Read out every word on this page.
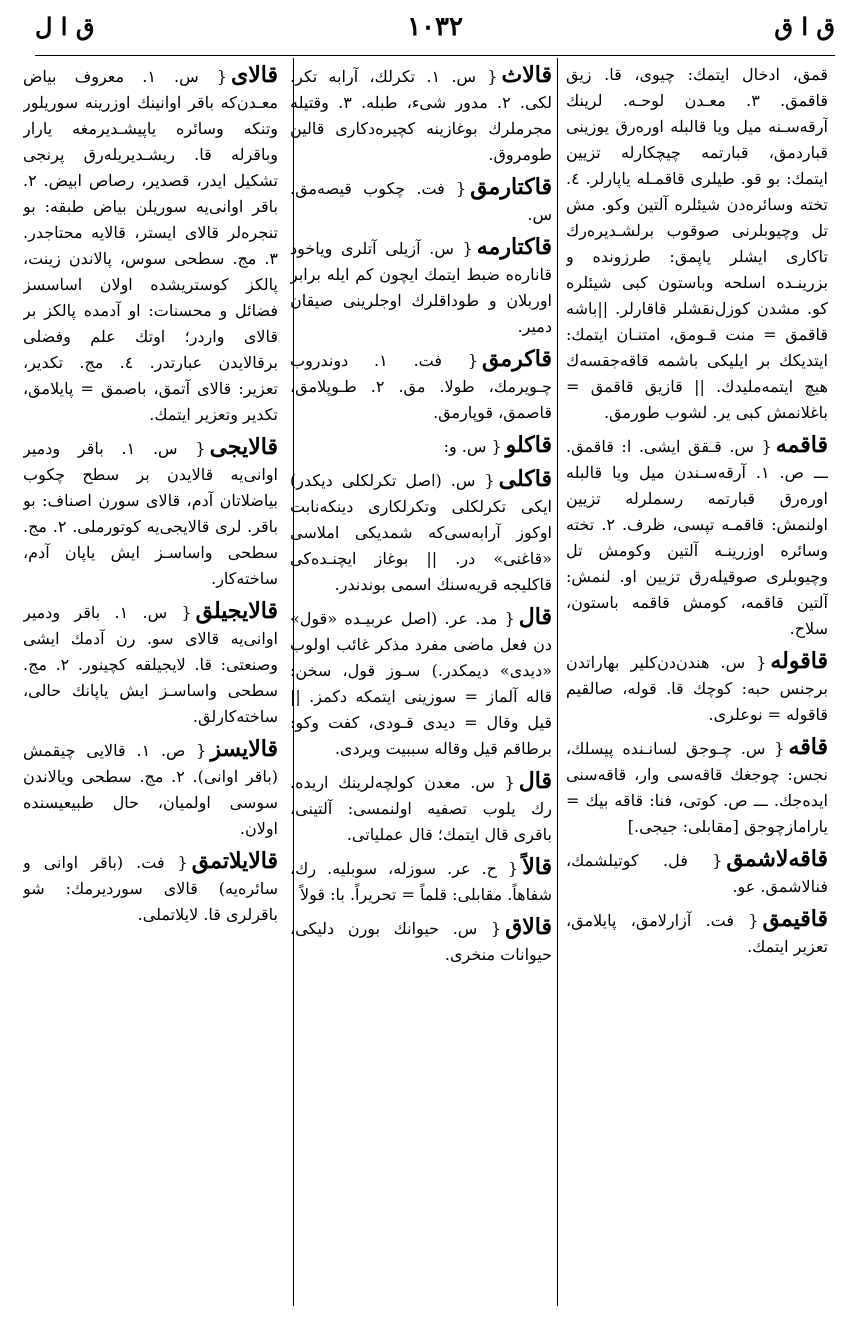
ق ا ق
١٠٣٢
ق ا ل

قمق، ادخال ایتمك: چیوی، قا. زیق قاقمق. ٣. معـدن لوحـه. لرینك آرقه‌سـنه میل ویا قالبله اوره‌رق یوزینی قباردمق، قبارتمه چیچکارله تزیین ایتمك: بو قو. طیلری قاقمـله یاپارلر. ٤. تخته وسائره‌دن شیئلره آلتین وکو. مش تل وچیوبلرنی صوقوب برلشـدیره‌رك تاکاری ایشلر یاپمق: طرزونده و بزرینـده اسلحه وباستون کبی شیئلره کو. مشدن کوزل‌نقشلر قاقارلر. ||باشه قاقمق = منت قـومق، امتنـان ایتمك: ایتدیکك بر ایلیکی باشمه قاقه‌جقسه‌ك هیچ ایتمه‌ملیدك. || قازیق قاقمق = باغلانمش کبی یر. لشوب طورمق.

قاقمه{ س. قـقق ایشی. ا: قاقمق. ـــ ص. ١. آرقه‌سـندن میل ویا قالبله اوره‌رق قبارتمه رسملرله تزیین اولنمش: قاقمـه تپسی، ظرف. ٢. تخته وسائره اوزرینـه آلتین وکومش تل وچیوبلری صوقیله‌رق تزیین او. لنمش: آلتین قاقمه، کومش قاقمه باستون، سلاح.

قاقوله{ س. هندن‌دن‌کلیر بهاراتدن برجنس حبه: کوچك قا. قوله، صالقیم قاقوله = نوعلری.

قاقه{ س. چـوجق لسانـنده پیسلك، نجس: چوجغك قاقه‌سی وار، قاقه‌سنی ایده‌جك. ـــ ص. کوتی، فنا: قاقه بیك = یارامازچوجق [مقابلی: جیجی.]

قاقه‌لاشمق{ فل. کوتیلشمك، فنالاشمق. عو.

قاقیمق{ فت. آزارلامق، پایلامق، تعزیر ایتمك.

قالاث{ س. ١. تکرلك، آرابه تکر. لکی. ٢. مدور شیء، طبله. ٣. وقتیله مجرملرك بوغازینه کچیره‌دکاری قالین طومروق.

قاکتارمق{ فت. چکوب قیصه‌مق. س.

قاکتارمه{ س. آزیلی آتلری ویاخود قاناره‌ه ضبط ایتمك ایچون کم ایله برابر اوربلان و طوداقلرك اوجلرینی صیقان دمیر.

قاکرمق{ فت. ١. دوندروب چـویرمك، طولا. مق. ٢. طـوپلامق، قاصمق، قوپارمق.

قاکلو{ س. و:

قاکلی{ س. (اصل تکرلکلی دیکدر) ایکی تکرلکلی وتکرلکاری دینکه‌نابت اوکوز آرابه‌سی‌که شمدیکی املاسی «قاغنی» در. || بوغاز ایچنـده‌کی قاکلیجه قریه‌سنك اسمی بوندندر.

قال{ مد. عر. (اصل عربیـده «قول» دن فعل ماضی مفرد مذکر غائب اولوب «دیدی» دیمکدر.) سـوز قول، سخن: قاله آلماز = سوزینی ایتمکه دکمز. || قیل وقال = دیدی قـودی، کفت وکو: برطاقم قیل وقاله سببیت ویردی.

قال{ س. معدن کولچه‌لرینك اریده. رك یلوب تصفیه اولنمسی: آلتینی، باقری قال ایتمك؛ قال عملیاتی.

قالاً{ ح. عر. سوزله، سوبلیه. رك، شفاهاً. مقابلی: قلماً = تحریراً. با: قولاً

قالاق{ س. حیوانك بورن دلیکی، حیوانات منخری.

قالای{ س. ١. معروف بیاض معـدن‌که باقر اوانینك اوزرینه سوریلور وتنکه وسائره یاپیشـدیرمغه یارار وباقرله قا. ریشـدیریله‌رق پرنجی تشکیل ایدر، قصدیر، رصاص ابیض. ٢. باقر اوانی‌یه سوریلن بیاض طبقه: بو تنجره‌لر قالای ایستر، قالایه محتاجدر. ٣. مج. سطحی سوس، پالاندن زینت، پالکز کوستریشده اولان اساسسز فضائل و محسنات: او آدمده پالکز بر قالای واردر؛ اوتك علم وفضلی برقالایدن عبارتدر. ٤. مج. تکدیر، تعزیر: قالای آتمق، باصمق = پایلامق، تکدیر وتعزیر ایتمك.

قالایجی{ س. ١. باقر ودمیر اوانی‌یه قالایدن بر سطح چکوب بیاضلاتان آدم، قالای سورن اصناف: بو باقر. لری قالایجی‌یه کوتورملی. ٢. مج. سطحی واساسـز ایش یاپان آدم، ساخته‌کار.

قالایجیلق{ س. ١. باقر ودمیر اوانی‌یه قالای سو. رن آدمك ایشی وصنعتی: قا. لایجیلقه کچینور. ٢. مج. سطحی واساسـز ایش یاپانك حالی، ساخته‌کارلق.

قالایسز{ ص. ١. قالایی چیقمش (باقر اوانی). ٢. مج. سطحی ویالاندن سوسی اولمیان، حال طبیعیسنده اولان.

قالایلاتمق{ فت. (باقر اوانی و سائره‌یه) قالای سوردیرمك: شو باقرلری قا. لایلاتملی.
